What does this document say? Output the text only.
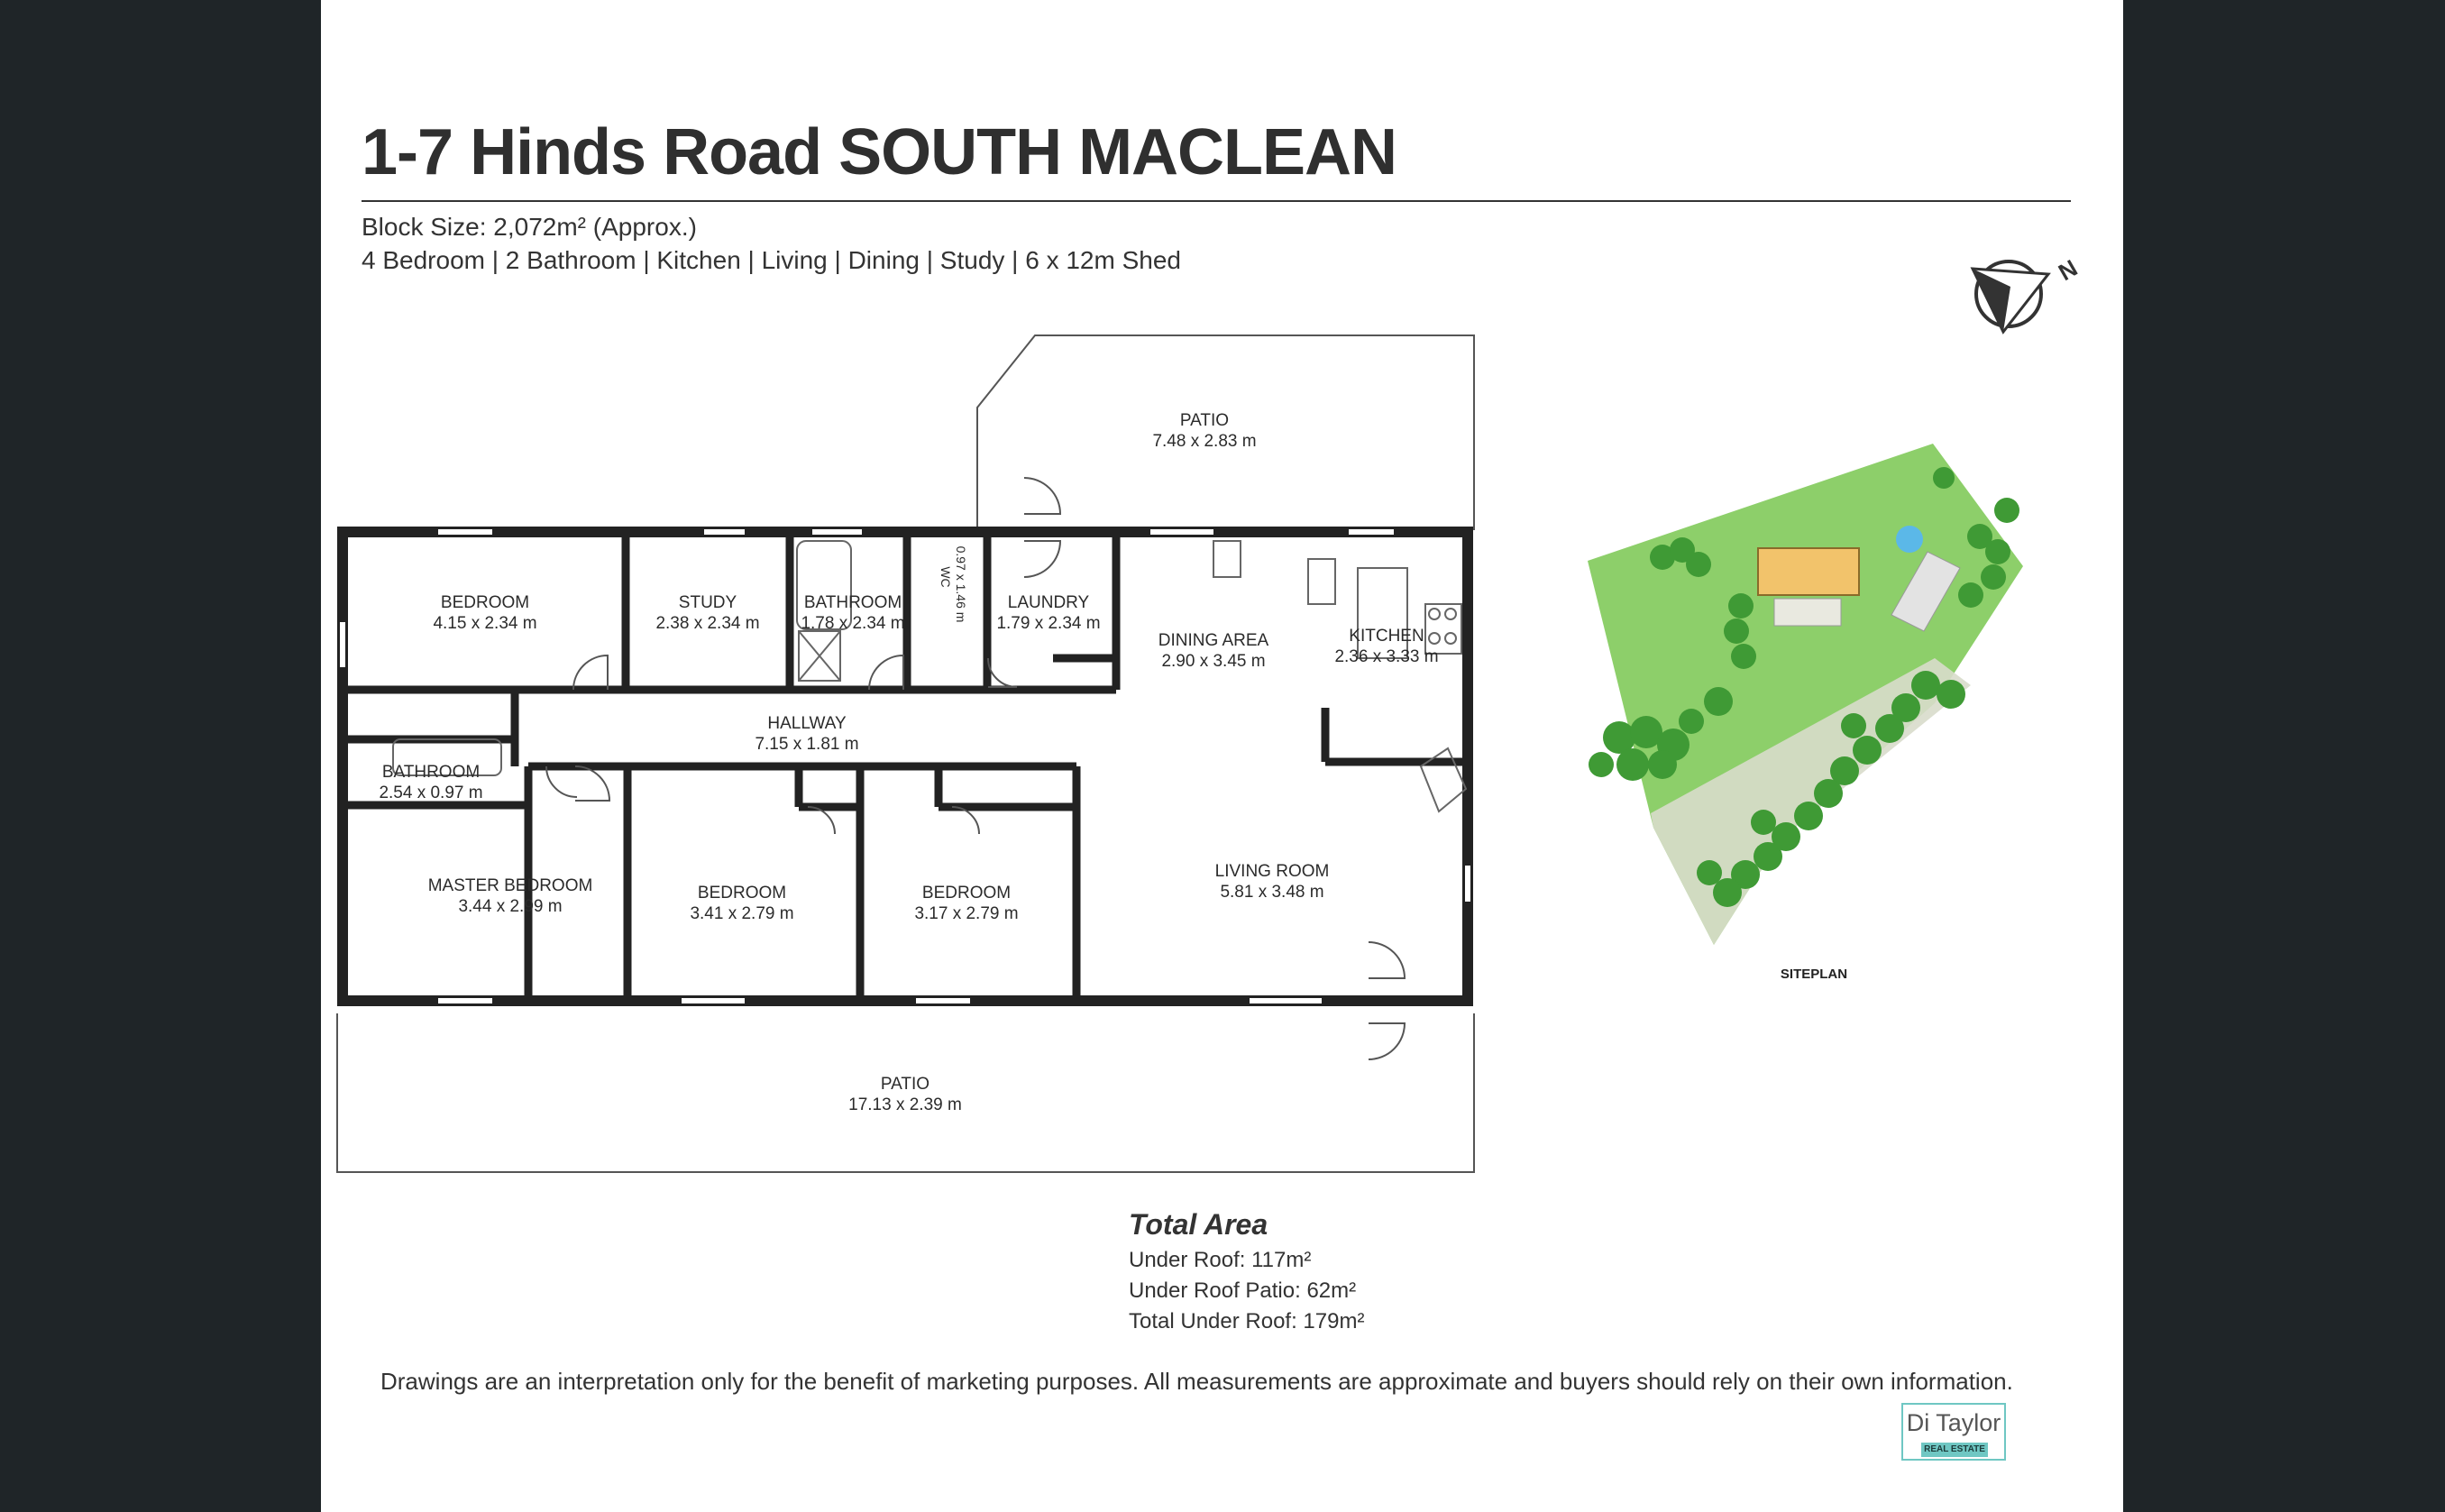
1-7 Hinds Road SOUTH MACLEAN
Block Size: 2,072m² (Approx.)
4 Bedroom | 2 Bathroom | Kitchen | Living | Dining | Study | 6 x 12m Shed	N
PATIO
7.48 x 2.83 m
BEDROOM
4.15 x 2.34 m
STUDY
2.38 x 2.34 m
BATHROOM
1.78 x 2.34 m
WC 0.97 x 1.46 m LAUNDRY
1.79 x 2.34 m
DINING AREA
2.90 x 3.45 m
KITCHEN
2.36 x 3.33 m
HALLWAY
7.15 x 1.81 m
BATHROOM
2.54 x 0.97 m
MASTER BEDROOM
3.44 x 2.99 m
BEDROOM
3.41 x 2.79 m
BEDROOM
3.17 x 2.79 m
LIVING ROOM
5.81 x 3.48 m
PATIO
17.13 x 2.39 m
SITEPLAN
Total Area
Under Roof: 117m²
Under Roof Patio: 62m²
Total Under Roof: 179m²
Drawings are an interpretation only for the benefit of marketing purposes. All measurements are approximate and buyers should rely on their own information.
Di Taylor
REAL ESTATE
